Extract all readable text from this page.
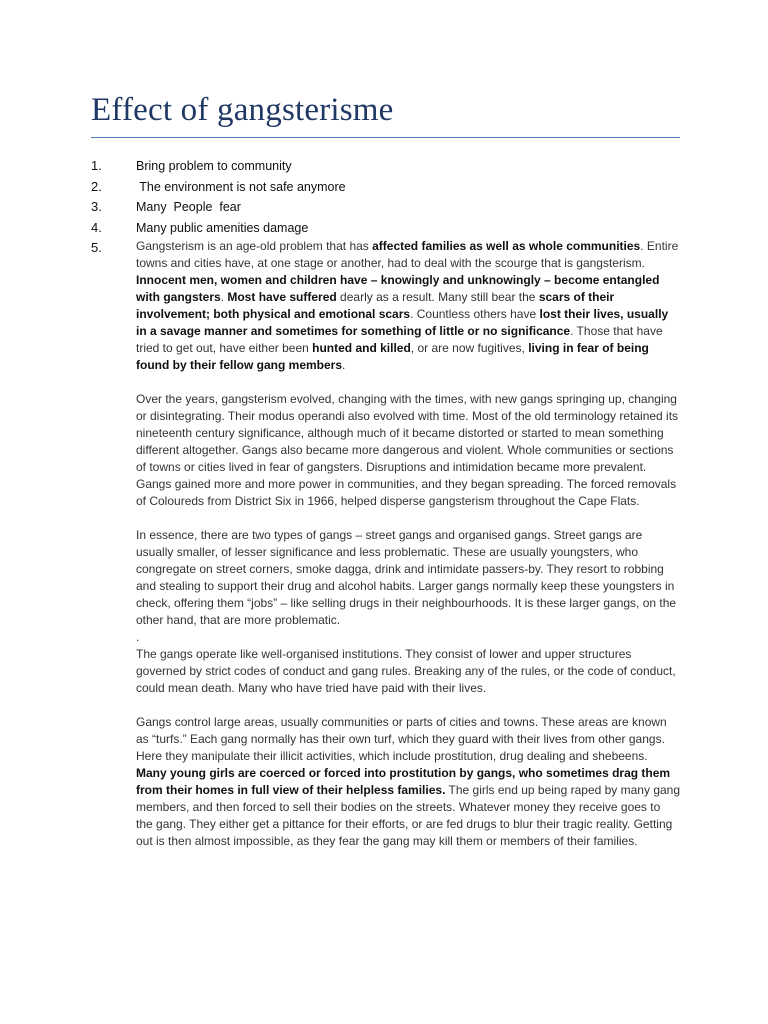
Effect of gangsterisme
1.	Bring problem to community
2.	The environment is not safe anymore
3.	Many  People  fear
4.	Many public amenities damage
5.	Gangsterism is an age-old problem that has affected families as well as whole communities. Entire towns and cities have, at one stage or another, had to deal with the scourge that is gangsterism. Innocent men, women and children have – knowingly and unknowingly – become entangled with gangsters. Most have suffered dearly as a result. Many still bear the scars of their involvement; both physical and emotional scars. Countless others have lost their lives, usually in a savage manner and sometimes for something of little or no significance. Those that have tried to get out, have either been hunted and killed, or are now fugitives, living in fear of being found by their fellow gang members.

Over the years, gangsterism evolved, changing with the times, with new gangs springing up, changing or disintegrating. Their modus operandi also evolved with time. Most of the old terminology retained its nineteenth century significance, although much of it became distorted or started to mean something different altogether. Gangs also became more dangerous and violent. Whole communities or sections of towns or cities lived in fear of gangsters. Disruptions and intimidation became more prevalent. Gangs gained more and more power in communities, and they began spreading. The forced removals of Coloureds from District Six in 1966, helped disperse gangsterism throughout the Cape Flats.

In essence, there are two types of gangs – street gangs and organised gangs. Street gangs are usually smaller, of lesser significance and less problematic. These are usually youngsters, who congregate on street corners, smoke dagga, drink and intimidate passers-by. They resort to robbing and stealing to support their drug and alcohol habits. Larger gangs normally keep these youngsters in check, offering them “jobs” – like selling drugs in their neighbourhoods. It is these larger gangs, on the other hand, that are more problematic.

.

The gangs operate like well-organised institutions. They consist of lower and upper structures governed by strict codes of conduct and gang rules. Breaking any of the rules, or the code of conduct, could mean death. Many who have tried have paid with their lives.

Gangs control large areas, usually communities or parts of cities and towns. These areas are known as “turfs.” Each gang normally has their own turf, which they guard with their lives from other gangs. Here they manipulate their illicit activities, which include prostitution, drug dealing and shebeens.

Many young girls are coerced or forced into prostitution by gangs, who sometimes drag them from their homes in full view of their helpless families. The girls end up being raped by many gang members, and then forced to sell their bodies on the streets. Whatever money they receive goes to the gang. They either get a pittance for their efforts, or are fed drugs to blur their tragic reality. Getting out is then almost impossible, as they fear the gang may kill them or members of their families.
